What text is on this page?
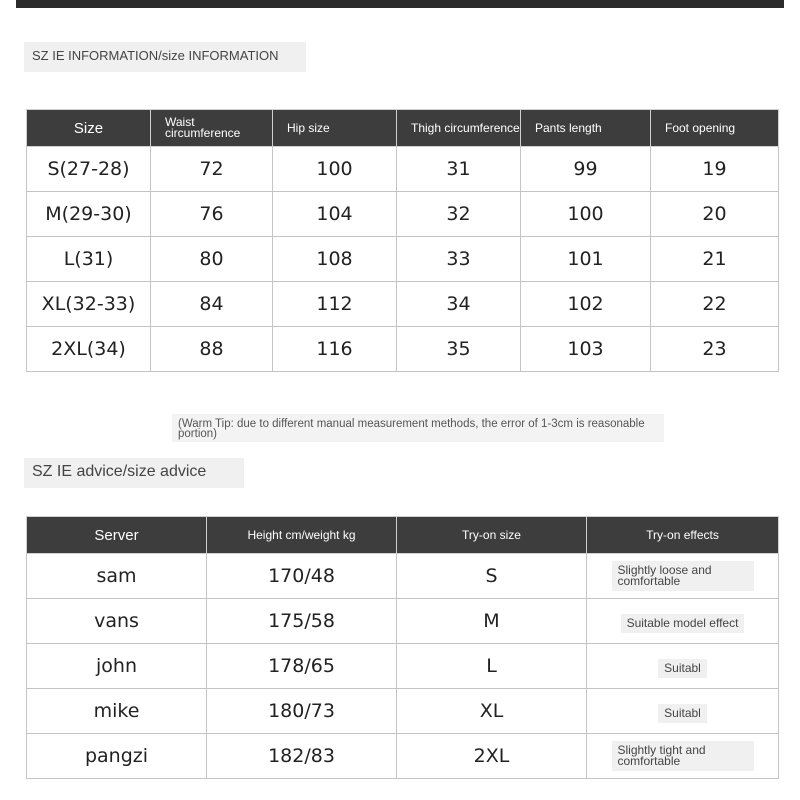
SZ IE INFORMATION/size INFORMATION
Size	Waist circumference	Hip size	Thigh circumference	Pants length	Foot opening
S(27-28)	72	100	31	99	19
M(29-30)	76	104	32	100	20
L(31)	80	108	33	101	21
XL(32-33)	84	112	34	102	22
2XL(34)	88	116	35	103	23
(Warm Tip: due to different manual measurement methods, the error of 1-3cm is reasonable portion)
SZ IE advice/size advice
Server	Height cm/weight kg	Try-on size	Try-on effects
sam	170/48	S	Slightly loose and comfortable
vans	175/58	M	Suitable model effect
john	178/65	L	Suitabl
mike	180/73	XL	Suitabl
pangzi	182/83	2XL	Slightly tight and comfortable
